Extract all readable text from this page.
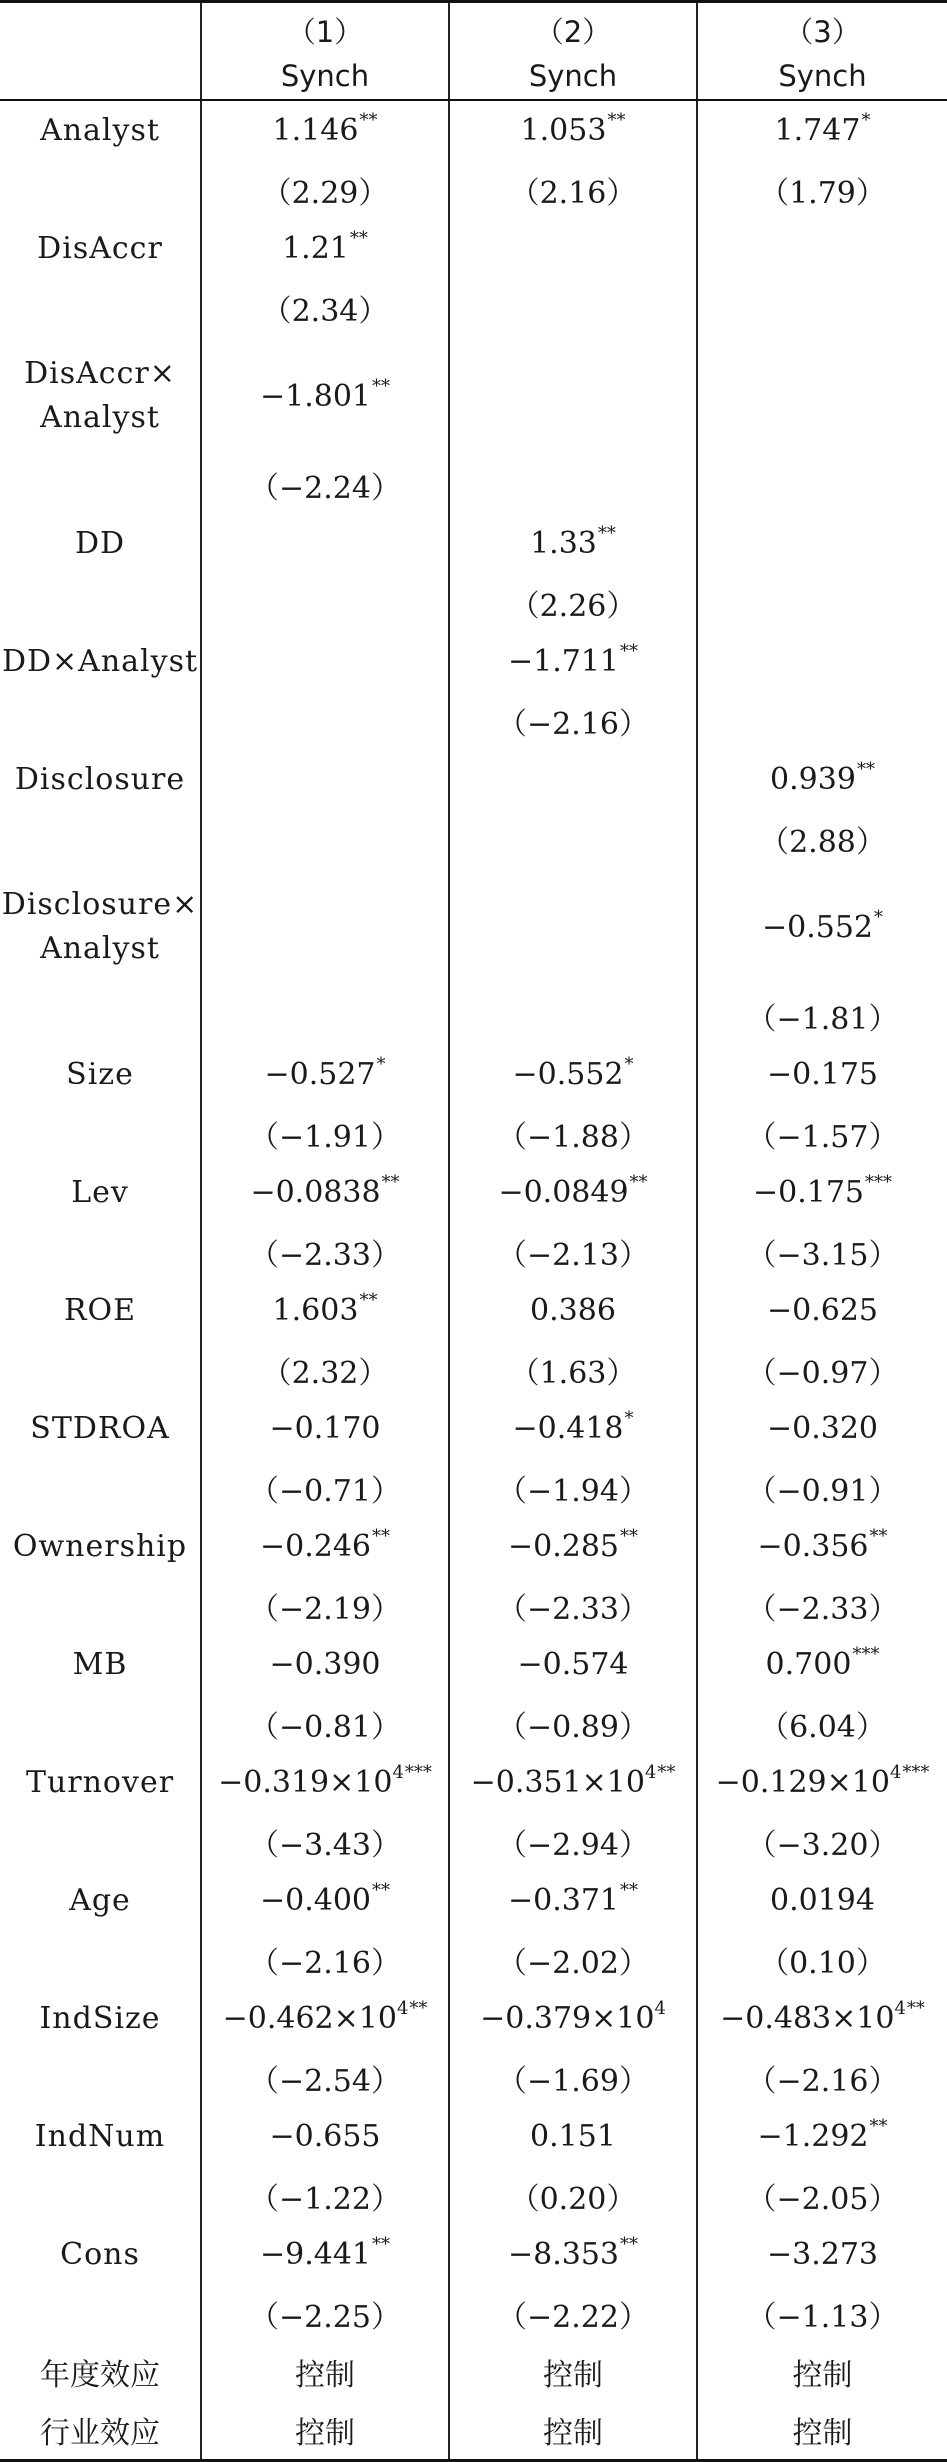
	（1）	（2）	（3）
	Synch	Synch	Synch
Analyst	1.146**	1.053**	1.747*
	（2.29）	（2.16）	（1.79）
DisAccr	1.21**		
	（2.34）		
DisAccr×
Analyst	−1.801**		
	（−2.24）		
DD		1.33**	
		（2.26）	
DD×Analyst		−1.711**	
		（−2.16）	
Disclosure			0.939**
			（2.88）
Disclosure×
Analyst			−0.552*
			（−1.81）
Size	−0.527*	−0.552*	−0.175
	（−1.91）	（−1.88）	（−1.57）
Lev	−0.0838**	−0.0849**	−0.175***
	（−2.33）	（−2.13）	（−3.15）
ROE	1.603**	0.386	−0.625
	（2.32）	（1.63）	（−0.97）
STDROA	−0.170	−0.418*	−0.320
	（−0.71）	（−1.94）	（−0.91）
Ownership	−0.246**	−0.285**	−0.356**
	（−2.19）	（−2.33）	（−2.33）
MB	−0.390	−0.574	0.700***
	（−0.81）	（−0.89）	（6.04）
Turnover	$-0.319\times 10^{4***}$	$-0.351\times 10^{4**}$	$-0.129\times 10^{4***}$
	（−3.43）	（−2.94）	（−3.20）
Age	−0.400**	−0.371**	0.0194
	（−2.16）	（−2.02）	（0.10）
IndSize	$-0.462\times 10^{4**}$	$-0.379\times 10^4$	$-0.483\times 10^{4**}$
	（−2.54）	（−1.69）	（−2.16）
IndNum	−0.655	0.151	−1.292**
	（−1.22）	（0.20）	（−2.05）
Cons	−9.441**	−8.353**	−3.273
	（−2.25）	（−2.22）	（−1.13）
年度效应	控制	控制	控制
行业效应	控制	控制	控制
